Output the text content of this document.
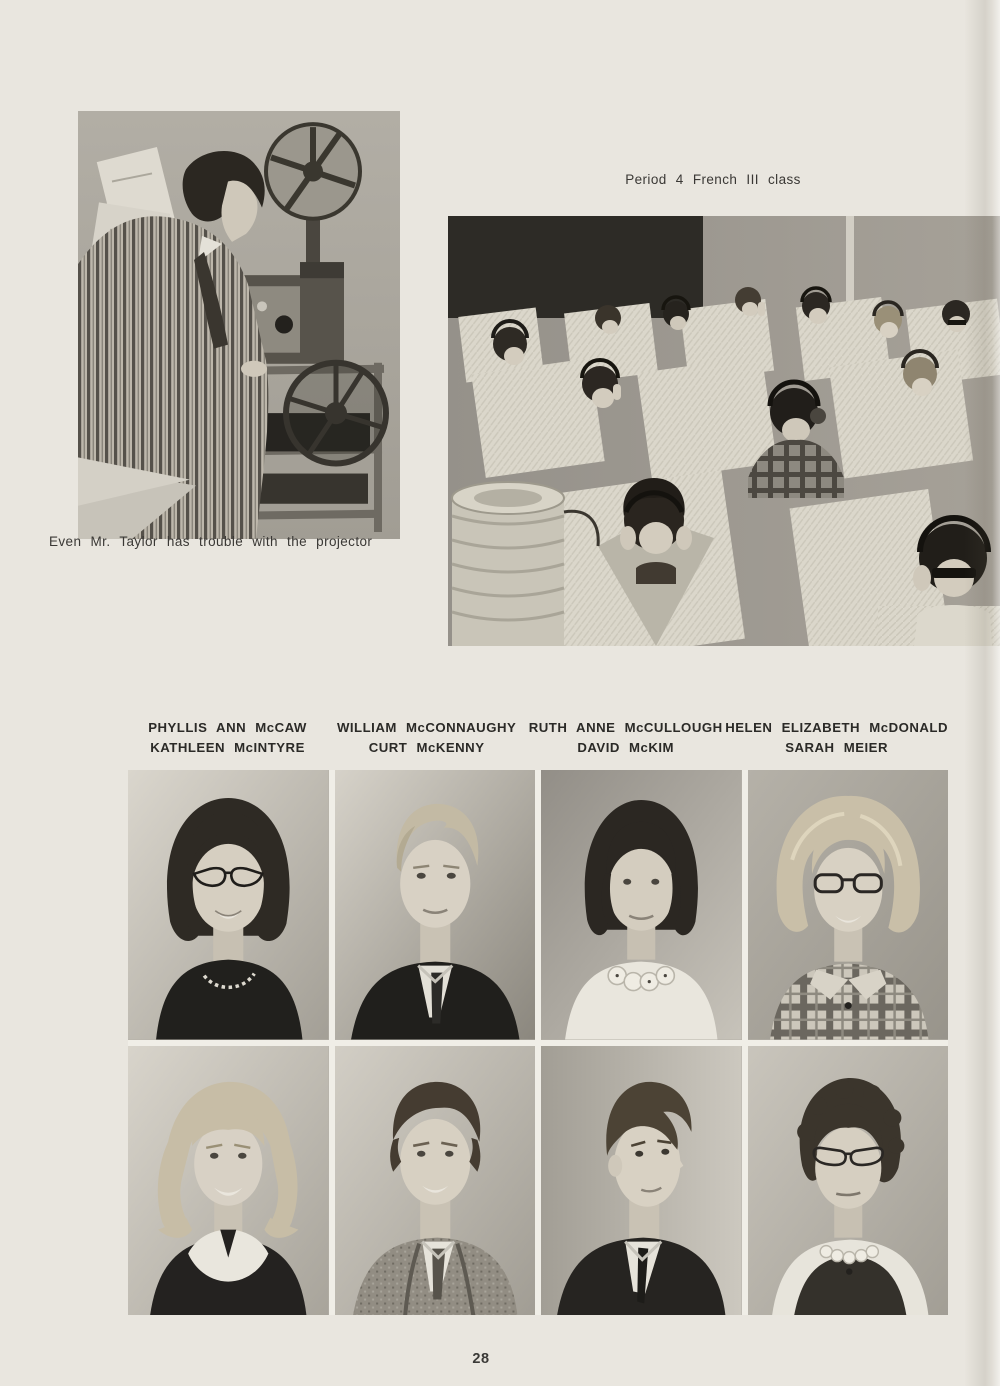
Even Mr. Taylor has trouble with the projector
Period 4 French III class
PHYLLIS ANN McCAW
KATHLEEN McINTYRE
WILLIAM McCONNAUGHY
CURT McKENNY
RUTH ANNE McCULLOUGH
DAVID McKIM
HELEN ELIZABETH McDONALD
SARAH MEIER
28
